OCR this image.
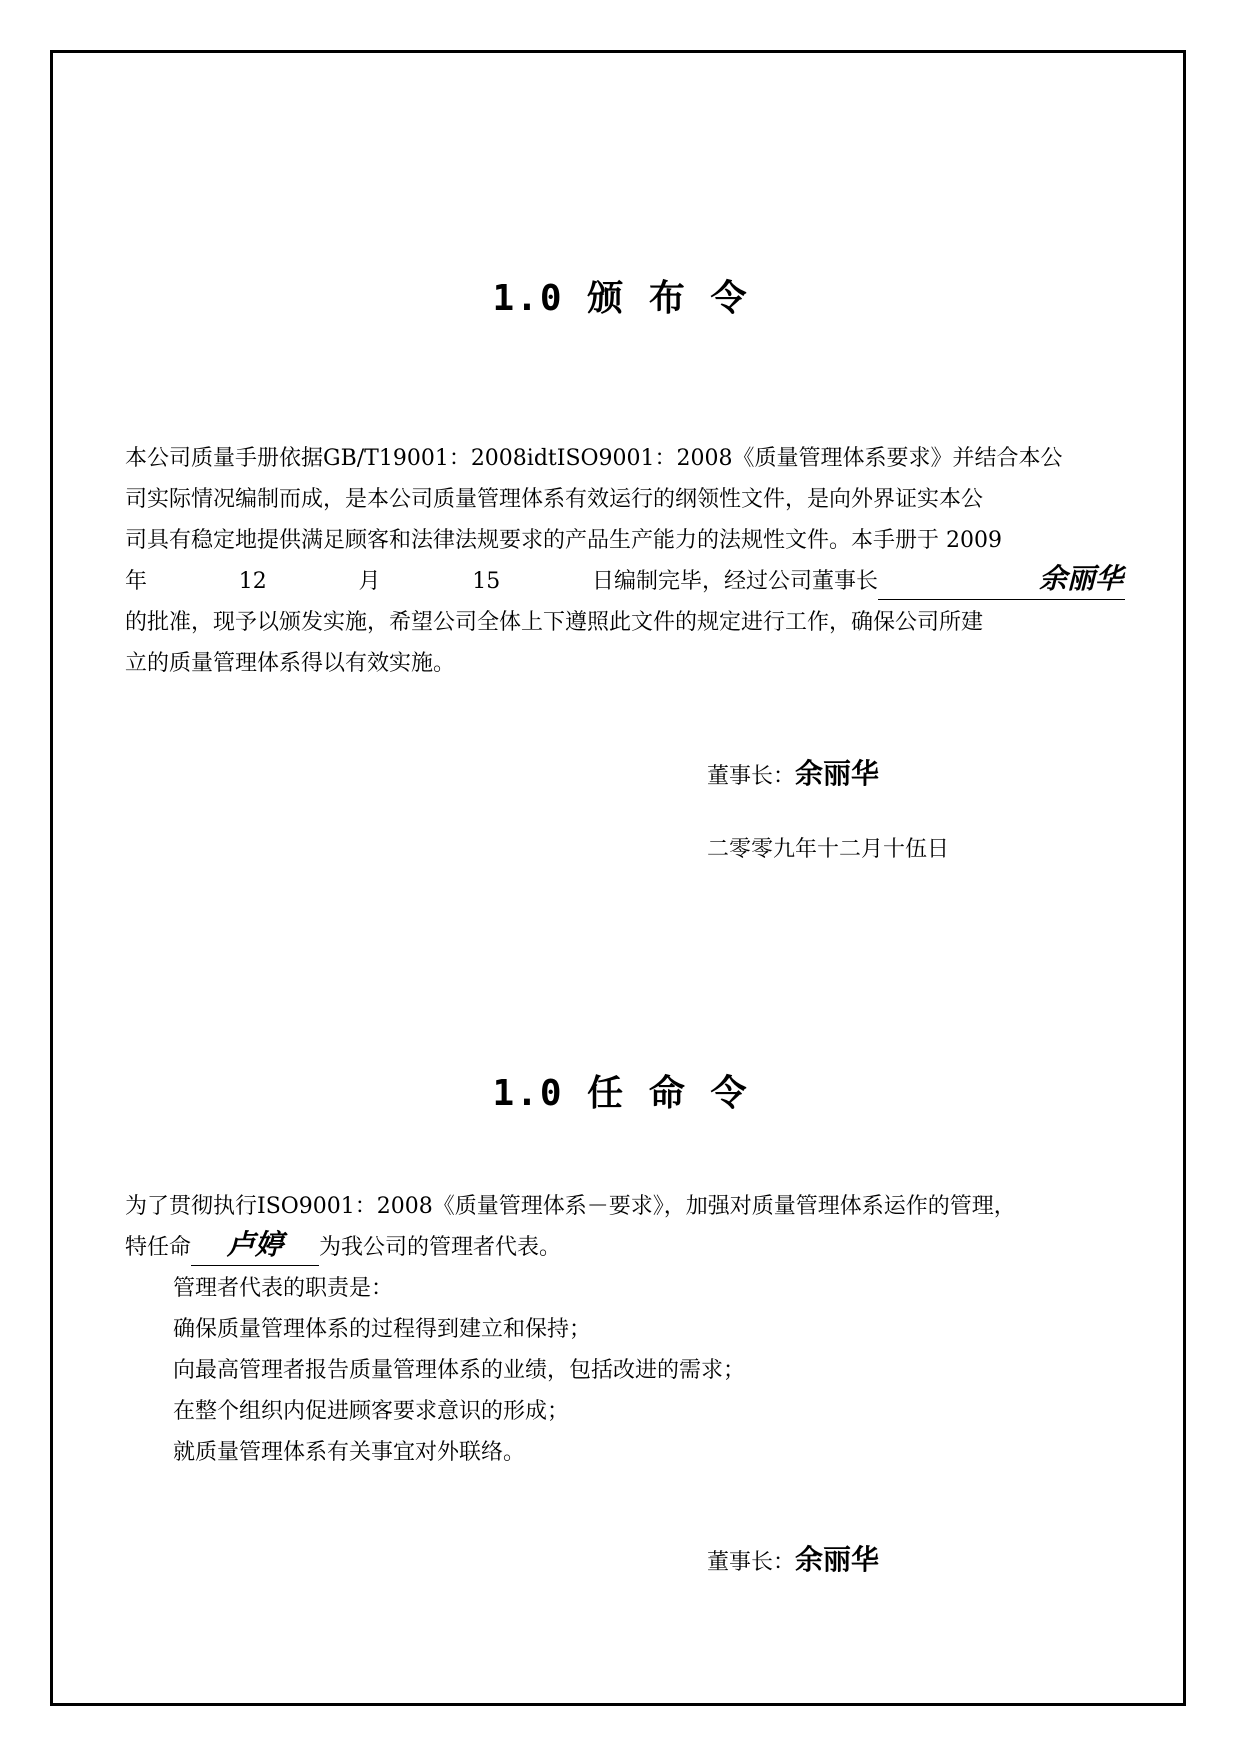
1.0 颁 布 令
本公司质量手册依据GB/T19001：2008idtISO9001：2008《质量管理体系要求》并结合本公
司实际情况编制而成，是本公司质量管理体系有效运行的纲领性文件，是向外界证实本公
司具有稳定地提供满足顾客和法律法规要求的产品生产能力的法规性文件。本手册于 2009
年	12	月	15	日编制完毕，经过公司董事长	余丽华
的批准，现予以颁发实施，希望公司全体上下遵照此文件的规定进行工作，确保公司所建
立的质量管理体系得以有效实施。
董事长：余丽华
二零零九年十二月十伍日
1.0 任 命 令
为了贯彻执行ISO9001：2008《质量管理体系－要求》，加强对质量管理体系运作的管理，
特任命 卢婷 为我公司的管理者代表。
管理者代表的职责是：
确保质量管理体系的过程得到建立和保持；
向最高管理者报告质量管理体系的业绩，包括改进的需求；
在整个组织内促进顾客要求意识的形成；
就质量管理体系有关事宜对外联络。
董事长：余丽华
